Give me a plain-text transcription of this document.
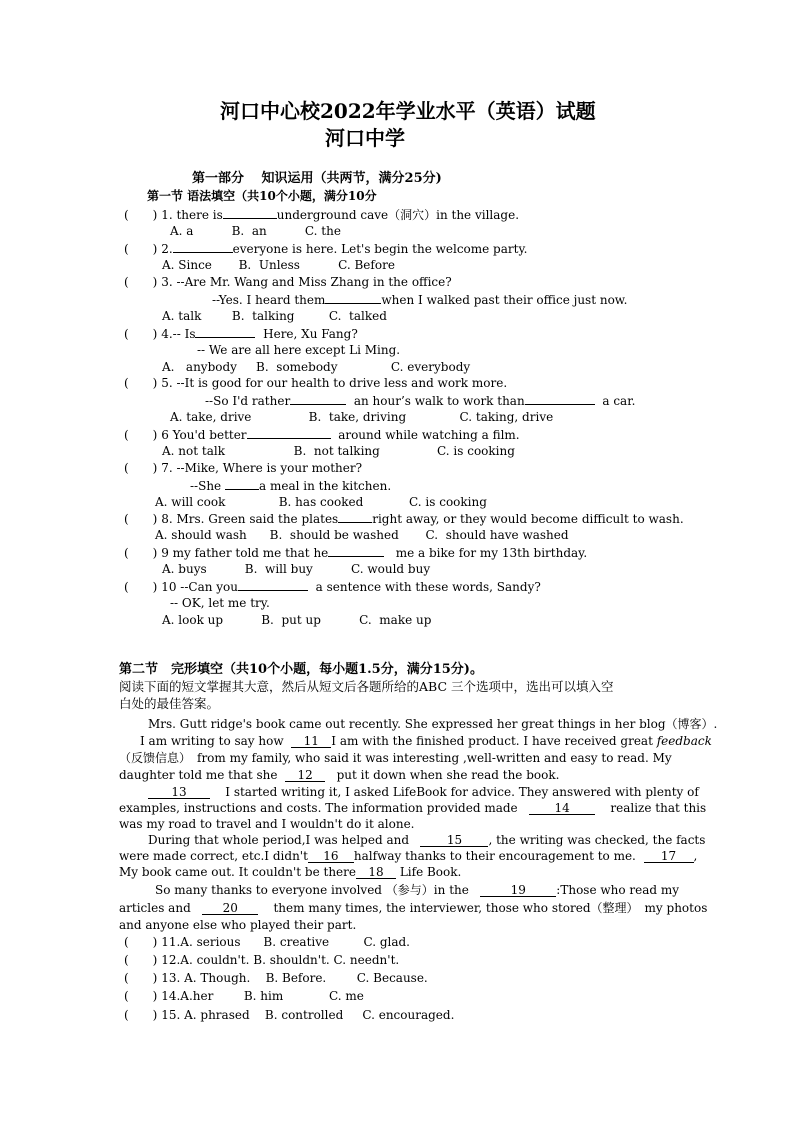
河口中心校2022年学业水平（英语）试题
河口中学
第一部分　 知识运用（共两节，满分25分)
第一节 语法填空（共10个小题，满分10分
(　　) 1. there is	underground cave（洞穴）in the village.
A. a          B.  an          C. the
(　　) 2.	everyone is here. Let's begin the welcome party.
A. Since       B.  Unless          C. Before
(　　) 3. --Are Mr. Wang and Miss Zhang in the office?
--Yes. I heard them	when I walked past their office just now.
A. talk        B.  talking         C.  talked
(　　) 4.-- Is	Here, Xu Fang?
-- We are all here except Li Ming.
A.   anybody     B.  somebody              C. everybody
(　　) 5. --It is good for our health to drive less and work more.
--So I'd rather	an hour’s walk to work than	a car.
A. take, drive               B.  take, driving              C. taking, drive
(　　) 6 You'd better	around while watching a film.
A. not talk                  B.  not talking               C. is cooking
(　　) 7. --Mike, Where is your mother?
--She	a meal in the kitchen.
A. will cook              B. has cooked            C. is cooking
(　　) 8. Mrs. Green said the plates	right away, or they would become difficult to wash.
A. should wash      B.  should be washed       C.  should have washed
(　　) 9 my father told me that he	me a bike for my 13th birthday.
A. buys          B.  will buy          C. would buy
(　　) 10 --Can you	a sentence with these words, Sandy?
-- OK, let me try.
A. look up          B.  put up          C.  make up
第二节　完形填空（共10个小题，每小题1.5分，满分15分)。
阅读下面的短文掌握其大意，然后从短文后各题所给的ABC 三个选项中，选出可以填入空
白处的最佳答案。
Mrs. Gutt ridge's book came out recently. She expressed her great things in her blog（博客）.
I am writing to say how 11 I am with the finished product. I have received great feedback
（反馈信息）　from my family, who said it was interesting ,well-written and easy to read. My
daughter told me that she 12 put it down when she read the book.
13	I started writing it, I asked LifeBook for advice. They answered with plenty of
examples, instructions and costs. The information provided made	14	realize that this
was my road to travel and I wouldn't do it alone.
During that whole period,I was helped and	15 , the writing was checked, the facts
were made correct, etc.I didn't 16 halfway thanks to their encouragement to me. 17 ,
My book came out. It couldn't be there 18 Life Book.
So many thanks to everyone involved （参与）in the	19	:Those who read my
articles and	20	them many times, the interviewer, those who stored（整理）　my photos
and anyone else who played their part.
(　　) 11.A. serious      B. creative         C. glad.
(　　) 12.A. couldn't. B. shouldn't. C. needn't.
(　　) 13. A. Though.    B. Before.        C. Because.
(　　) 14.A.her        B. him            C. me
(　　) 15. A. phrased    B. controlled     C. encouraged.
